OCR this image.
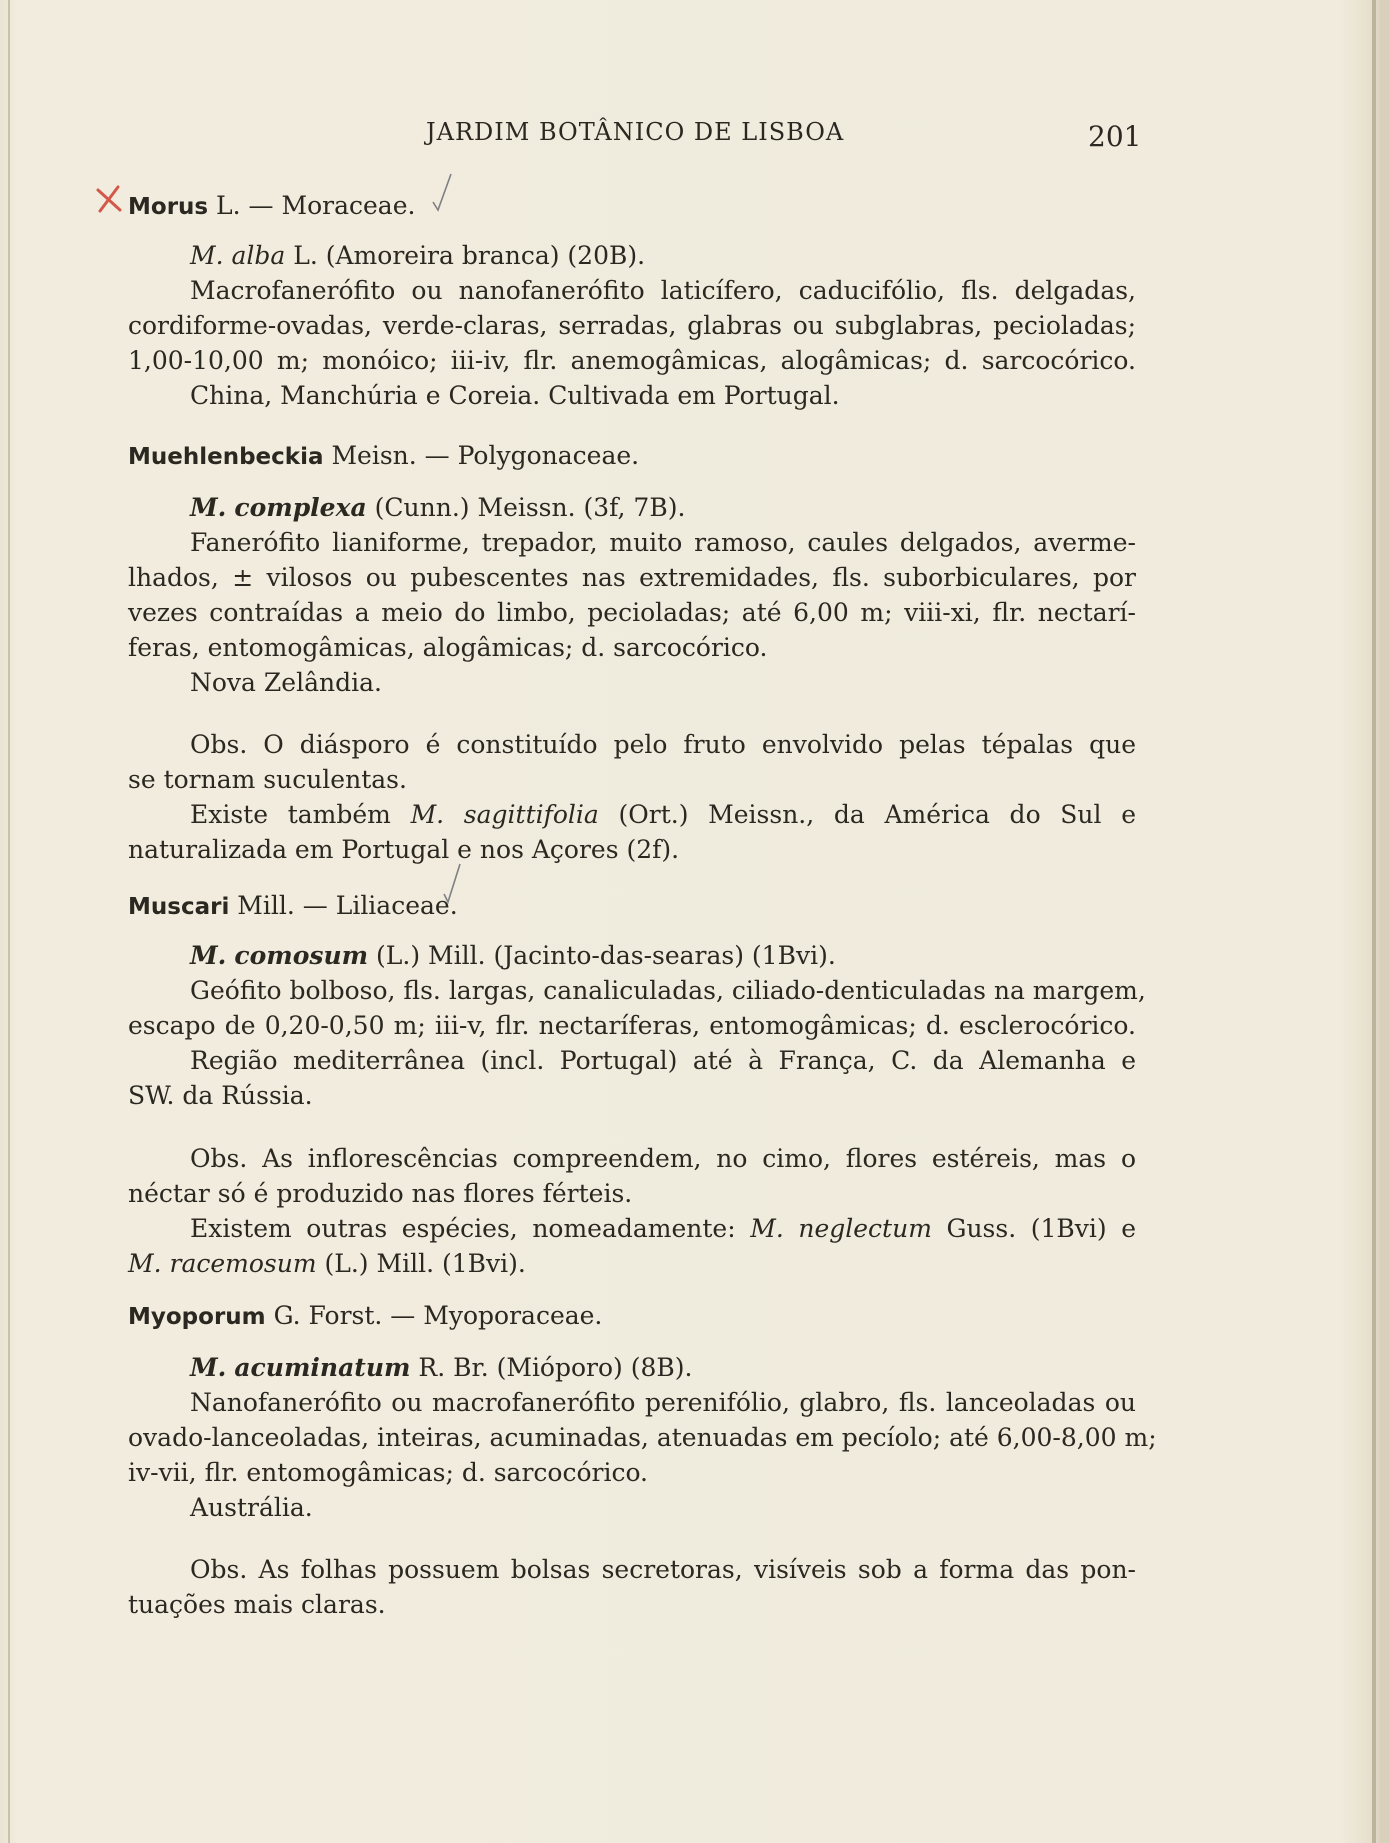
JARDIM BOTÂNICO DE LISBOA	201
Morus L. — Moraceae.
M. alba L. (Amoreira branca) (20B).
Macrofanerófito ou nanofanerófito laticífero, caducifólio, fls. delgadas,
cordiforme-ovadas, verde-claras, serradas, glabras ou subglabras, pecioladas;
1,00-10,00 m; monóico; iii-iv, flr. anemogâmicas, alogâmicas; d. sarcocórico.
China, Manchúria e Coreia. Cultivada em Portugal.
Muehlenbeckia Meisn. — Polygonaceae.
M. complexa (Cunn.) Meissn. (3f, 7B).
Fanerófito lianiforme, trepador, muito ramoso, caules delgados, averme-
lhados, ± vilosos ou pubescentes nas extremidades, fls. suborbiculares, por
vezes contraídas a meio do limbo, pecioladas; até 6,00 m; viii-xi, flr. nectarí-
feras, entomogâmicas, alogâmicas; d. sarcocórico.
Nova Zelândia.
Obs. O diásporo é constituído pelo fruto envolvido pelas tépalas que
se tornam suculentas.
Existe também M. sagittifolia (Ort.) Meissn., da América do Sul e
naturalizada em Portugal e nos Açores (2f).
Muscari Mill. — Liliaceae.
M. comosum (L.) Mill. (Jacinto-das-searas) (1Bvi).
Geófito bolboso, fls. largas, canaliculadas, ciliado-denticuladas na margem,
escapo de 0,20-0,50 m; iii-v, flr. nectaríferas, entomogâmicas; d. esclerocórico.
Região mediterrânea (incl. Portugal) até à França, C. da Alemanha e
SW. da Rússia.
Obs. As inflorescências compreendem, no cimo, flores estéreis, mas o
néctar só é produzido nas flores férteis.
Existem outras espécies, nomeadamente: M. neglectum Guss. (1Bvi) e
M. racemosum (L.) Mill. (1Bvi).
Myoporum G. Forst. — Myoporaceae.
M. acuminatum R. Br. (Mióporo) (8B).
Nanofanerófito ou macrofanerófito perenifólio, glabro, fls. lanceoladas ou
ovado-lanceoladas, inteiras, acuminadas, atenuadas em pecíolo; até 6,00-8,00 m;
iv-vii, flr. entomogâmicas; d. sarcocórico.
Austrália.
Obs. As folhas possuem bolsas secretoras, visíveis sob a forma das pon-
tuações mais claras.
